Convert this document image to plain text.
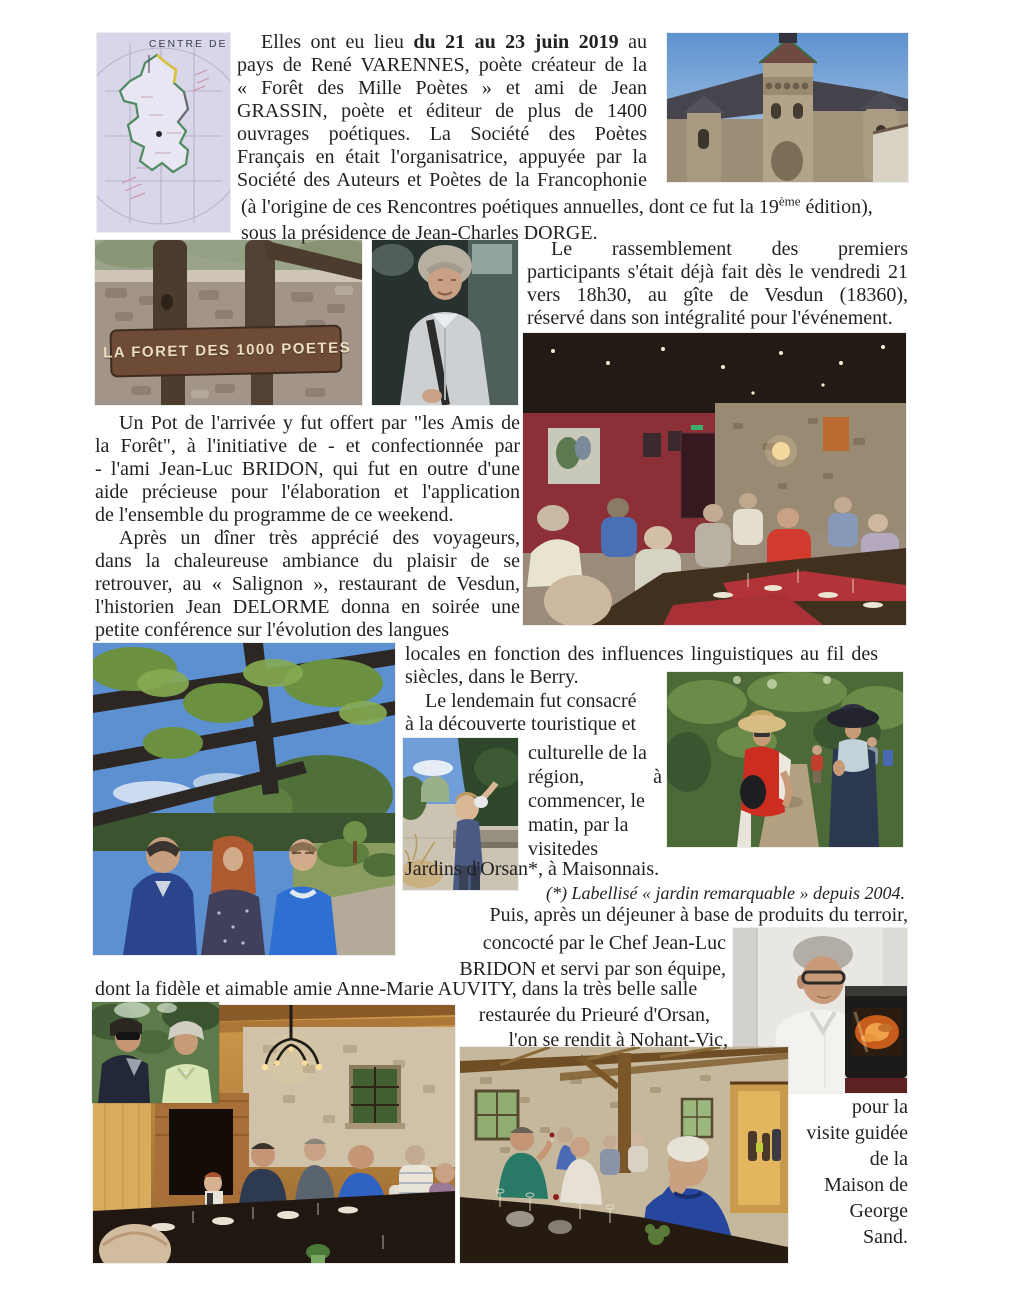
CENTRE DE
LA FORET DES 1000 POETES
Elles ont eu lieu du 21 au 23 juin 2019 au
pays de René VARENNES, poète créateur de la
« Forêt des Mille Poètes » et ami de Jean
GRASSIN, poète et éditeur de plus de 1400
ouvrages poétiques. La Société des Poètes
Français en était l'organisatrice, appuyée par la
Société des Auteurs et Poètes de la Francophonie
(à l'origine de ces Rencontres poétiques annuelles, dont ce fut la 19ème édition),
sous la présidence de Jean-Charles DORGE.
Le rassemblement des premiers
participants s'était déjà fait dès le vendredi 21
vers 18h30, au gîte de Vesdun (18360),
réservé dans son intégralité pour l'événement.
Un Pot de l'arrivée y fut offert par "les Amis de
la Forêt", à l'initiative de - et confectionnée par
- l'ami Jean-Luc BRIDON, qui fut en outre d'une
aide précieuse pour l'élaboration et l'application
de l'ensemble du programme de ce weekend.
Après un dîner très apprécié des voyageurs,
dans la chaleureuse ambiance du plaisir de se
retrouver, au « Salignon », restaurant de Vesdun,
l'historien Jean DELORME donna en soirée une
petite conférence sur l'évolution des langues
locales en fonction des influences linguistiques au fil des
siècles, dans le Berry.
Le lendemain fut consacré
à la découverte touristique et
culturelle de la
région, à
commencer, le
matin, par la
visitedes
Jardins d'Orsan*, à Maisonnais.
(*) Labellisé « jardin remarquable » depuis 2004.
Puis, après un déjeuner à base de produits du terroir,
concocté par le Chef Jean-Luc
BRIDON et servi par son équipe,
dont la fidèle et aimable amie Anne-Marie AUVITY, dans la très belle salle
restaurée du Prieuré d'Orsan,
l'on se rendit à Nohant-Vic,
pour la
visite guidée
de la
Maison de
George
Sand.
